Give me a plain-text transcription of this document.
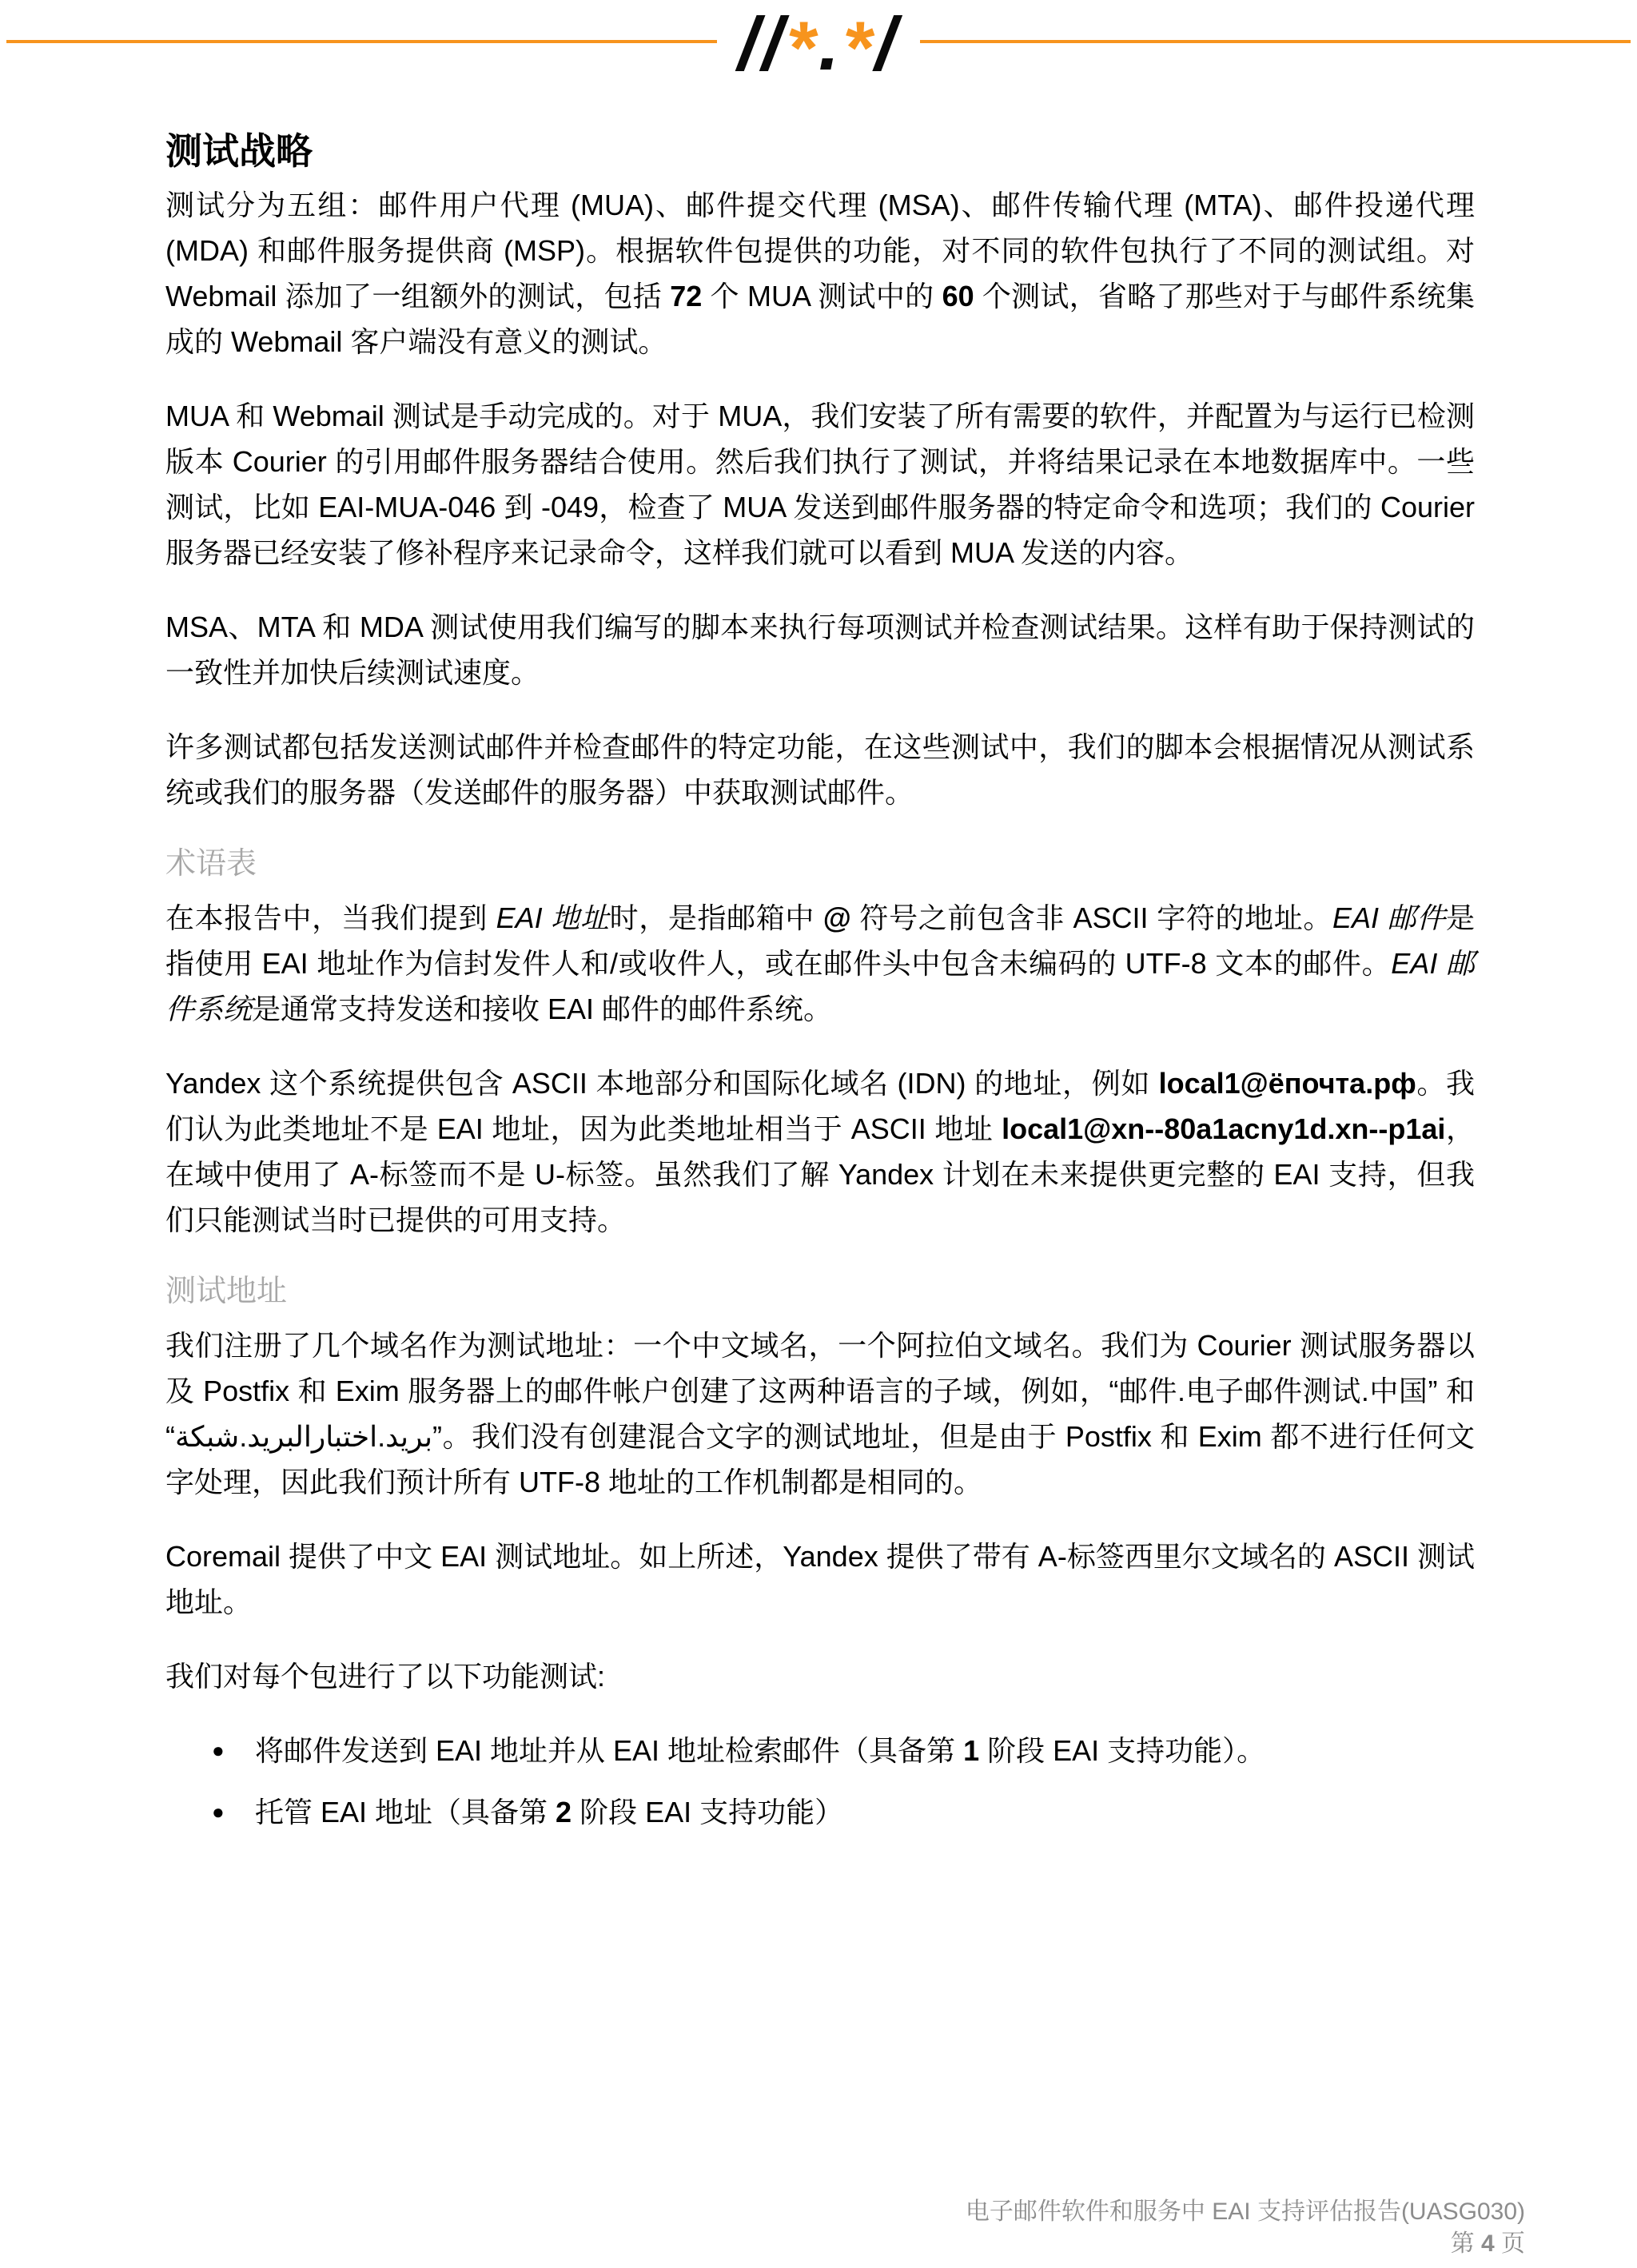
//*.*/
测试战略

测试分为五组：邮件用户代理 (MUA)、邮件提交代理 (MSA)、邮件传输代理 (MTA)、邮件投递代理 (MDA) 和邮件服务提供商 (MSP)。根据软件包提供的功能，对不同的软件包执行了不同的测试组。对 Webmail 添加了一组额外的测试，包括 72 个 MUA 测试中的 60 个测试，省略了那些对于与邮件系统集成的 Webmail 客户端没有意义的测试。

MUA 和 Webmail 测试是手动完成的。对于 MUA，我们安装了所有需要的软件，并配置为与运行已检测版本 Courier 的引用邮件服务器结合使用。然后我们执行了测试，并将结果记录在本地数据库中。一些测试，比如 EAI-MUA-046 到 -049，检查了 MUA 发送到邮件服务器的特定命令和选项；我们的 Courier 服务器已经安装了修补程序来记录命令，这样我们就可以看到 MUA 发送的内容。

MSA、MTA 和 MDA 测试使用我们编写的脚本来执行每项测试并检查测试结果。这样有助于保持测试的一致性并加快后续测试速度。

许多测试都包括发送测试邮件并检查邮件的特定功能，在这些测试中，我们的脚本会根据情况从测试系统或我们的服务器（发送邮件的服务器）中获取测试邮件。

术语表

在本报告中，当我们提到 EAI 地址时，是指邮箱中 @ 符号之前包含非 ASCII 字符的地址。EAI 邮件是指使用 EAI 地址作为信封发件人和/或收件人，或在邮件头中包含未编码的 UTF-8 文本的邮件。EAI 邮件系统是通常支持发送和接收 EAI 邮件的邮件系统。

Yandex 这个系统提供包含 ASCII 本地部分和国际化域名 (IDN) 的地址，例如 local1@ёпочта.рф。我们认为此类地址不是 EAI 地址，因为此类地址相当于 ASCII 地址 local1@xn--80a1acny1d.xn--p1ai，在域中使用了 A-标签而不是 U-标签。虽然我们了解 Yandex 计划在未来提供更完整的 EAI 支持，但我们只能测试当时已提供的可用支持。

测试地址

我们注册了几个域名作为测试地址：一个中文域名，一个阿拉伯文域名。我们为 Courier 测试服务器以及 Postfix 和 Exim 服务器上的邮件帐户创建了这两种语言的子域，例如，“邮件.电子邮件测试.中国” 和 “بريد.اختبارالبريد.شبكة”。我们没有创建混合文字的测试地址，但是由于 Postfix 和 Exim 都不进行任何文字处理，因此我们预计所有 UTF-8 地址的工作机制都是相同的。

Coremail 提供了中文 EAI 测试地址。如上所述，Yandex 提供了带有 A-标签西里尔文域名的 ASCII 测试地址。

我们对每个包进行了以下功能测试:

●	将邮件发送到 EAI 地址并从 EAI 地址检索邮件（具备第 1 阶段 EAI 支持功能）。
●	托管 EAI 地址（具备第 2 阶段 EAI 支持功能）
电子邮件软件和服务中 EAI 支持评估报告(UASG030)
第 4 页
